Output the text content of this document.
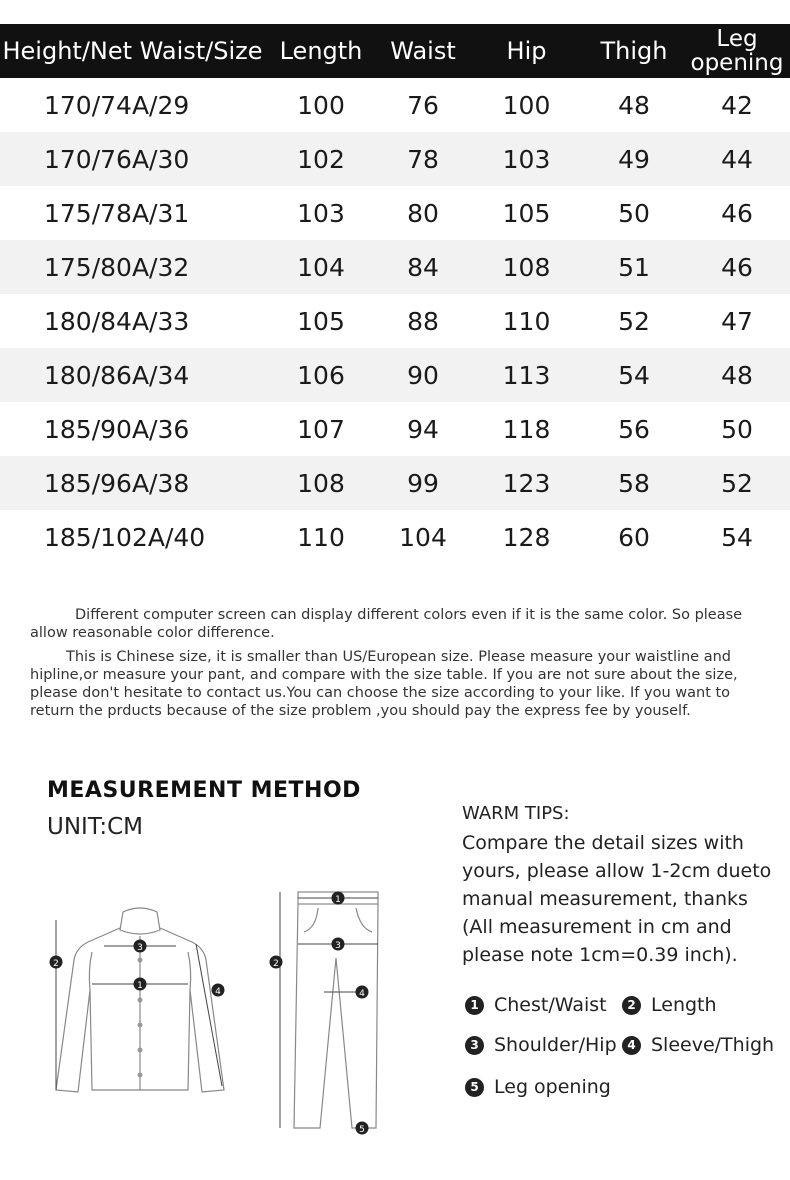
Height/Net Waist/Size	Length	Waist	Hip	Thigh	Leg
opening
170/74A/29	100	76	100	48	42
170/76A/30	102	78	103	49	44
175/78A/31	103	80	105	50	46
175/80A/32	104	84	108	51	46
180/84A/33	105	88	110	52	47
180/86A/34	106	90	113	54	48
185/90A/36	107	94	118	56	50
185/96A/38	108	99	123	58	52
185/102A/40	110	104	128	60	54

Different computer screen can display different colors even if it is the same color. So please allow reasonable color difference.

This is Chinese size, it is smaller than US/European size. Please measure your waistline and hipline,or measure your pant, and compare with the size table. If you are not sure about the size, please don't hesitate to contact us.You can choose the size according to your like. If you want to return the prducts because of the size problem ,you should pay the express fee by youself.

MEASUREMENT METHOD
UNIT:CM
3
1
2
4
1
3
2
4
5
WARM TIPS:
Compare the detail sizes with yours, please allow 1-2cm dueto manual measurement, thanks (All measurement in cm and please note 1cm=0.39 inch).
1 Chest/Waist	2 Length
3 Shoulder/Hip 4 Sleeve/Thigh
5 Leg opening
